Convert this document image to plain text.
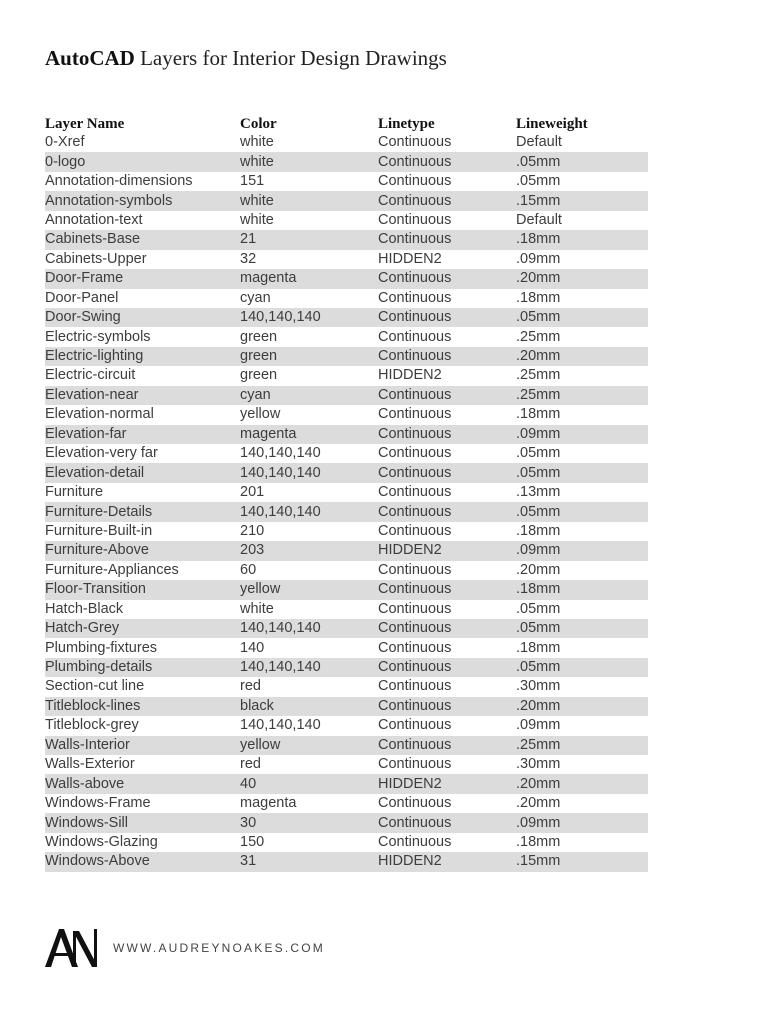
AutoCAD Layers for Interior Design Drawings
Layer Name	Color	Linetype	Lineweight
0-Xref	white	Continuous	Default
0-logo	white	Continuous	.05mm
Annotation-dimensions	151	Continuous	.05mm
Annotation-symbols	white	Continuous	.15mm
Annotation-text	white	Continuous	Default
Cabinets-Base	21	Continuous	.18mm
Cabinets-Upper	32	HIDDEN2	.09mm
Door-Frame	magenta	Continuous	.20mm
Door-Panel	cyan	Continuous	.18mm
Door-Swing	140,140,140	Continuous	.05mm
Electric-symbols	green	Continuous	.25mm
Electric-lighting	green	Continuous	.20mm
Electric-circuit	green	HIDDEN2	.25mm
Elevation-near	cyan	Continuous	.25mm
Elevation-normal	yellow	Continuous	.18mm
Elevation-far	magenta	Continuous	.09mm
Elevation-very far	140,140,140	Continuous	.05mm
Elevation-detail	140,140,140	Continuous	.05mm
Furniture	201	Continuous	.13mm
Furniture-Details	140,140,140	Continuous	.05mm
Furniture-Built-in	210	Continuous	.18mm
Furniture-Above	203	HIDDEN2	.09mm
Furniture-Appliances	60	Continuous	.20mm
Floor-Transition	yellow	Continuous	.18mm
Hatch-Black	white	Continuous	.05mm
Hatch-Grey	140,140,140	Continuous	.05mm
Plumbing-fixtures	140	Continuous	.18mm
Plumbing-details	140,140,140	Continuous	.05mm
Section-cut line	red	Continuous	.30mm
Titleblock-lines	black	Continuous	.20mm
Titleblock-grey	140,140,140	Continuous	.09mm
Walls-Interior	yellow	Continuous	.25mm
Walls-Exterior	red	Continuous	.30mm
Walls-above	40	HIDDEN2	.20mm
Windows-Frame	magenta	Continuous	.20mm
Windows-Sill	30	Continuous	.09mm
Windows-Glazing	150	Continuous	.18mm
Windows-Above	31	HIDDEN2	.15mm
WWW.AUDREYNOAKES.COM
